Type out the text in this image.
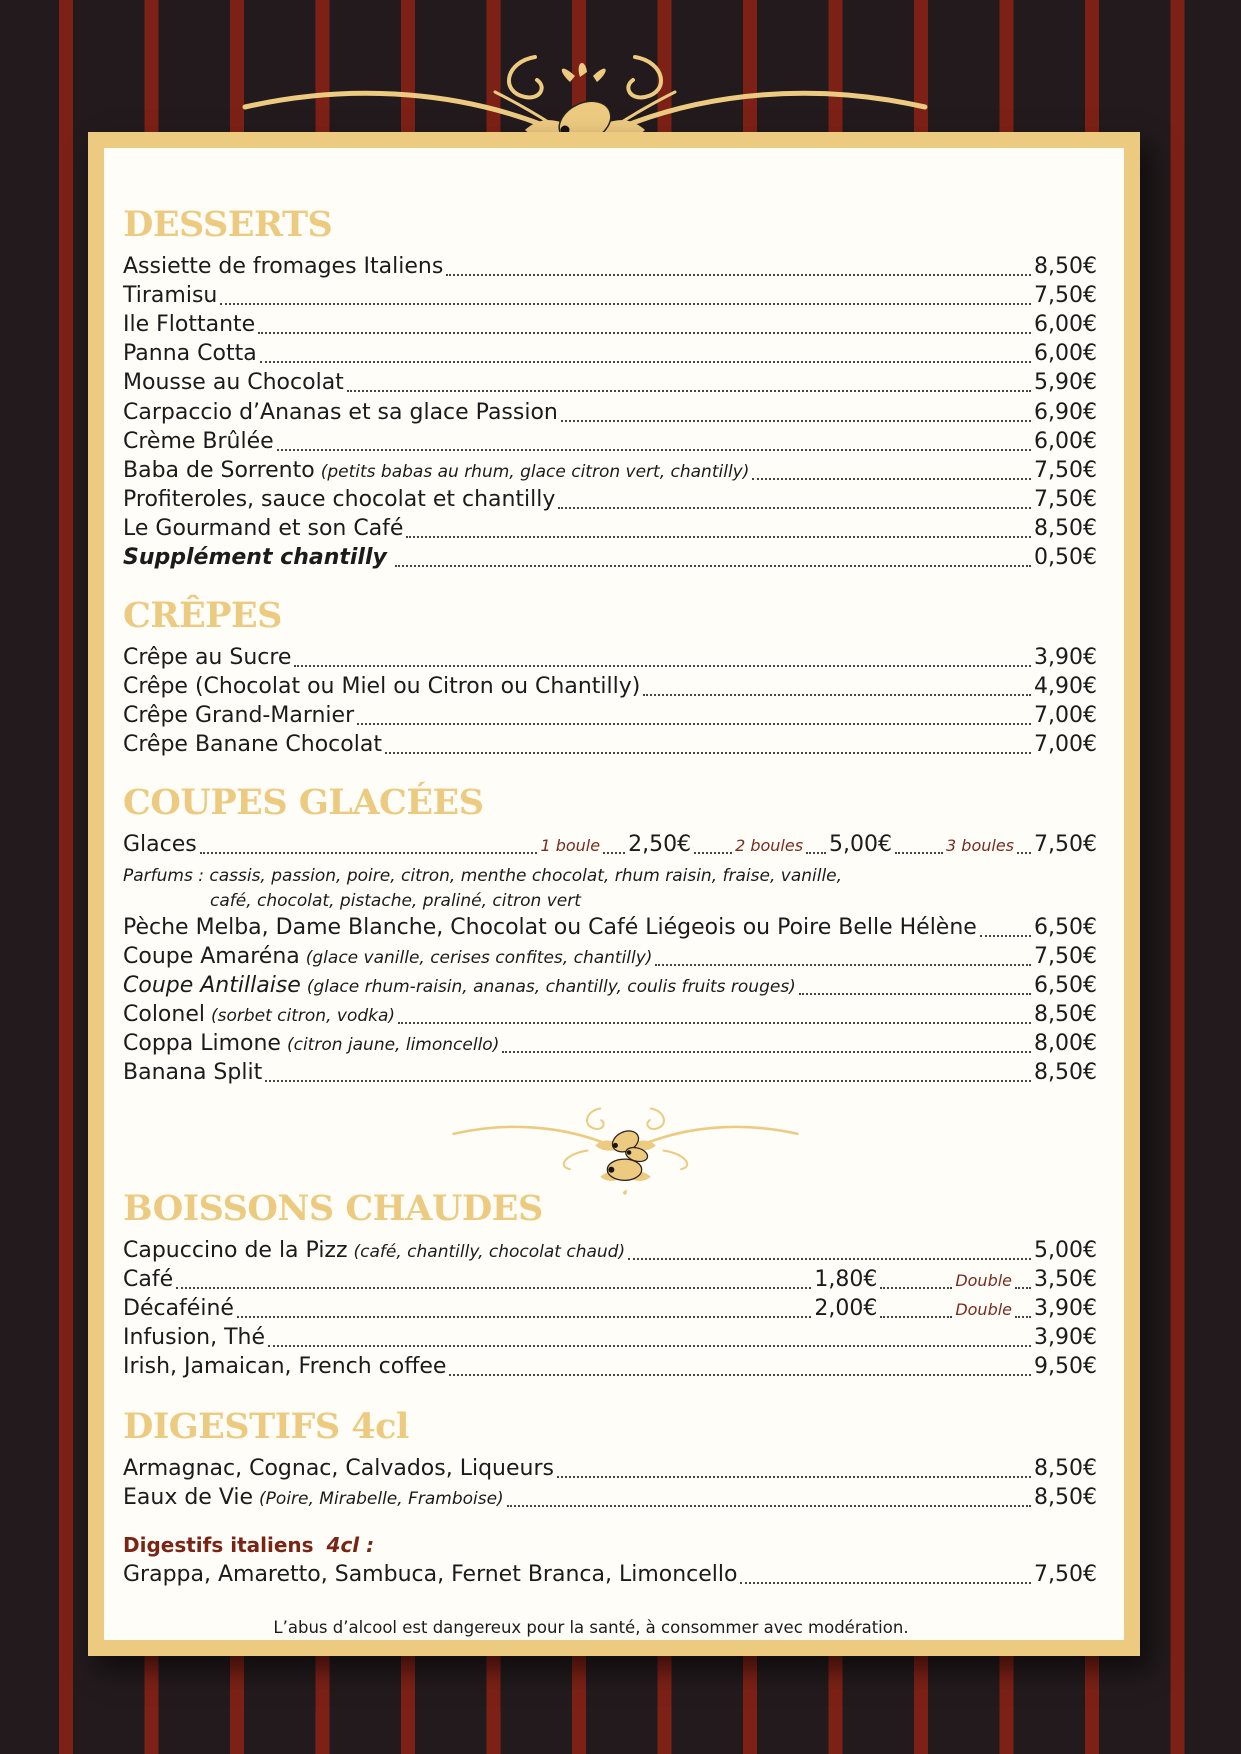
DESSERTS
Assiette de fromages Italiens	8,50€
Tiramisu	7,50€
Ile Flottante	6,00€
Panna Cotta	6,00€
Mousse au Chocolat	5,90€
Carpaccio d’Ananas et sa glace Passion	6,90€
Crème Brûlée	6,00€
Baba de Sorrento (petits babas au rhum, glace citron vert, chantilly)	7,50€
Profiteroles, sauce chocolat et chantilly	7,50€
Le Gourmand et son Café	8,50€
Supplément chantilly	0,50€
CRÊPES
Crêpe au Sucre	3,90€
Crêpe (Chocolat ou Miel ou Citron ou Chantilly)	4,90€
Crêpe Grand-Marnier	7,00€
Crêpe Banane Chocolat	7,00€
COUPES GLACÉES
Glaces	1 boule 2,50€	2 boules 5,00€	3 boules 7,50€
Parfums : cassis, passion, poire, citron, menthe chocolat, rhum raisin, fraise, vanille,
café, chocolat, pistache, praliné, citron vert
Pèche Melba, Dame Blanche, Chocolat ou Café Liégeois ou Poire Belle Hélène	6,50€
Coupe Amaréna (glace vanille, cerises confites, chantilly)	7,50€
Coupe Antillaise (glace rhum-raisin, ananas, chantilly, coulis fruits rouges)	6,50€
Colonel (sorbet citron, vodka)	8,50€
Coppa Limone (citron jaune, limoncello)	8,00€
Banana Split	8,50€
BOISSONS CHAUDES
Capuccino de la Pizz (café, chantilly, chocolat chaud)	5,00€
Café	1,80€	Double 3,50€
Décaféiné	2,00€	Double 3,90€
Infusion, Thé	3,90€
Irish, Jamaican, French coffee	9,50€
DIGESTIFS 4cl
Armagnac, Cognac, Calvados, Liqueurs	8,50€
Eaux de Vie (Poire, Mirabelle, Framboise)	8,50€
Digestifs italiens 4cl :
Grappa, Amaretto, Sambuca, Fernet Branca, Limoncello	7,50€
L’abus d’alcool est dangereux pour la santé, à consommer avec modération.
